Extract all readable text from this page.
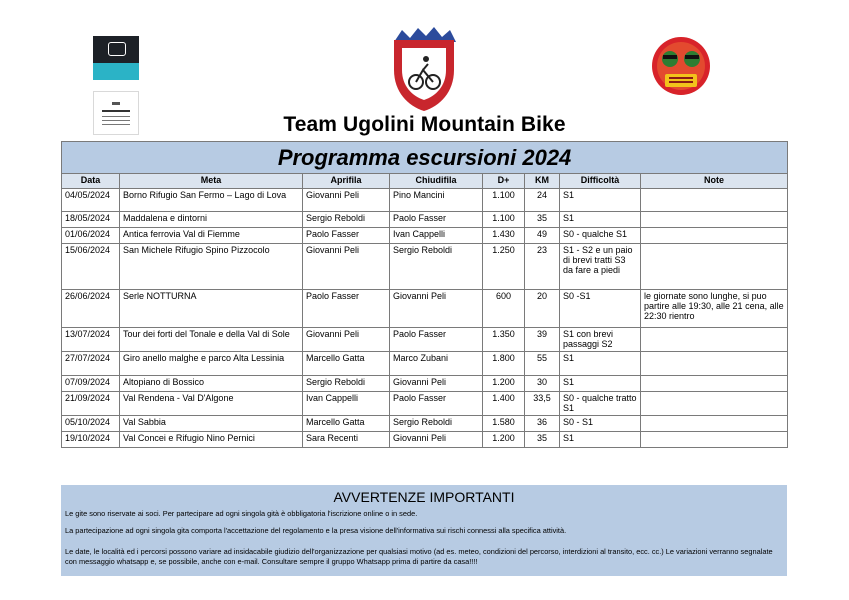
Team Ugolini Mountain Bike
Programma escursioni 2024							
Data	Meta	Aprifila	Chiudifila	D+	KM	Difficoltà	Note
04/05/2024	Borno Rifugio San Fermo – Lago di Lova	Giovanni Peli	Pino Mancini	1.100	24	S1	
18/05/2024	Maddalena e dintorni	Sergio Reboldi	Paolo Fasser	1.100	35	S1	
01/06/2024	Antica ferrovia Val di Fiemme	Paolo Fasser	Ivan Cappelli	1.430	49	S0 - qualche S1	
15/06/2024	San Michele Rifugio Spino Pizzocolo	Giovanni Peli	Sergio Reboldi	1.250	23	S1 - S2 e un paio di brevi tratti S3 da fare a piedi	
26/06/2024	Serle NOTTURNA	Paolo Fasser	Giovanni Peli	600	20	S0 -S1	le giornate sono lunghe, si puo partire alle 19:30, alle 21 cena, alle 22:30 rientro
13/07/2024	Tour dei forti del Tonale e della Val di Sole	Giovanni Peli	Paolo Fasser	1.350	39	S1 con brevi passaggi S2	
27/07/2024	Giro anello malghe e parco Alta Lessinia	Marcello Gatta	Marco Zubani	1.800	55	S1	
07/09/2024	Altopiano di Bossico	Sergio Reboldi	Giovanni Peli	1.200	30	S1	
21/09/2024	Val Rendena - Val D'Algone	Ivan Cappelli	Paolo Fasser	1.400	33,5	S0 - qualche tratto S1	
05/10/2024	Val Sabbia	Marcello Gatta	Sergio Reboldi	1.580	36	S0 - S1	
19/10/2024	Val Concei e Rifugio Nino Pernici	Sara Recenti	Giovanni Peli	1.200	35	S1	
AVVERTENZE IMPORTANTI

Le gite sono riservate ai soci. Per partecipare ad ogni singola gità è obbligatoria l'iscrizione online o in sede.

La partecipazione ad ogni singola gita comporta l'accettazione del regolamento e la presa visione dell'informativa sui rischi connessi alla specifica attività.

Le date, le località ed i percorsi possono variare ad insidacabile giudizio dell'organizzazione per qualsiasi motivo (ad es. meteo, condizioni del percorso, interdizioni al transito, ecc. cc.) Le variazioni verranno segnalate con messaggio whatsapp e, se possibile, anche con e-mail. Consultare sempre il gruppo Whatsapp prima di partire da casa!!!!
